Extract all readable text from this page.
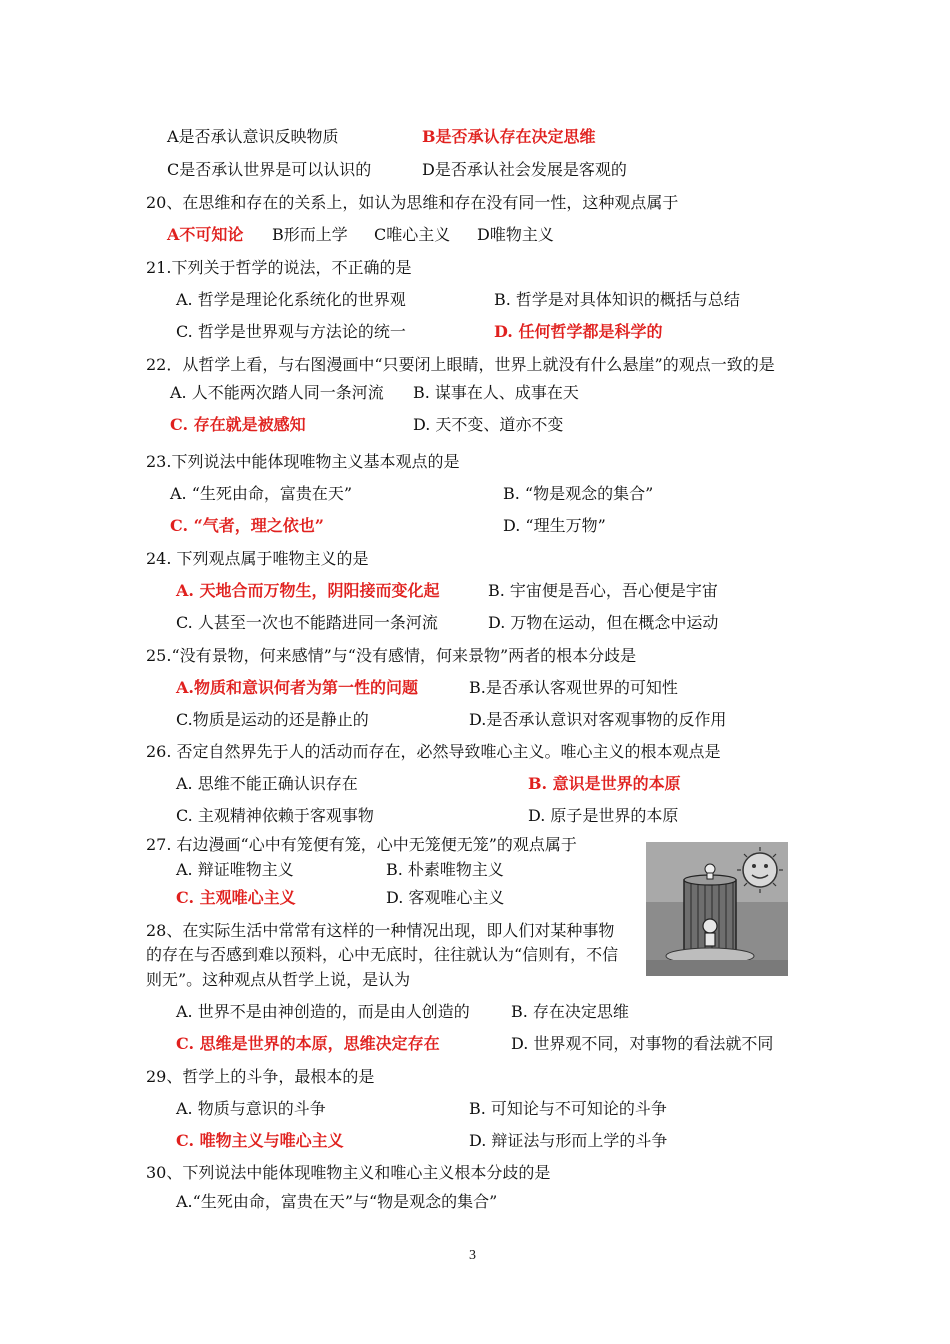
A是否承认意识反映物质	B是否承认存在决定思维
C是否承认世界是可以认识的	D是否承认社会发展是客观的
20、在思维和存在的关系上，如认为思维和存在没有同一性，这种观点属于
A不可知论 B形而上学 C唯心主义 D唯物主义
21.下列关于哲学的说法，不正确的是
A. 哲学是理论化系统化的世界观	B. 哲学是对具体知识的概括与总结
C. 哲学是世界观与方法论的统一	D. 任何哲学都是科学的
22．从哲学上看，与右图漫画中“只要闭上眼睛，世界上就没有什么悬崖”的观点一致的是
A. 人不能两次踏人同一条河流 B. 谋事在人、成事在天
C. 存在就是被感知	D. 天不变、道亦不变
23.下列说法中能体现唯物主义基本观点的是
A. “生死由命，富贵在天”	B. “物是观念的集合”
C. “气者，理之依也”	D. “理生万物”
24. 下列观点属于唯物主义的是
A. 天地合而万物生，阴阳接而变化起	B. 宇宙便是吾心，吾心便是宇宙
C. 人甚至一次也不能踏进同一条河流	D. 万物在运动，但在概念中运动
25.“没有景物，何来感情”与“没有感情，何来景物”两者的根本分歧是
A.物质和意识何者为第一性的问题	B.是否承认客观世界的可知性
C.物质是运动的还是静止的	D.是否承认意识对客观事物的反作用
26. 否定自然界先于人的活动而存在，必然导致唯心主义。唯心主义的根本观点是
A. 思维不能正确认识存在	B. 意识是世界的本原
C. 主观精神依赖于客观事物	D. 原子是世界的本原
27. 右边漫画“心中有笼便有笼，心中无笼便无笼”的观点属于
A. 辩证唯物主义	B. 朴素唯物主义
C. 主观唯心主义	D. 客观唯心主义
28、在实际生活中常常有这样的一种情况出现，即人们对某种事物
的存在与否感到难以预料，心中无底时，往往就认为“信则有，不信
则无”。这种观点从哲学上说，是认为
A. 世界不是由神创造的，而是由人创造的	B. 存在决定思维
C. 思维是世界的本原，思维决定存在	D. 世界观不同，对事物的看法就不同
29、哲学上的斗争，最根本的是
A. 物质与意识的斗争	B. 可知论与不可知论的斗争
C. 唯物主义与唯心主义	D. 辩证法与形而上学的斗争
30、下列说法中能体现唯物主义和唯心主义根本分歧的是
A.“生死由命，富贵在天”与“物是观念的集合”
3
